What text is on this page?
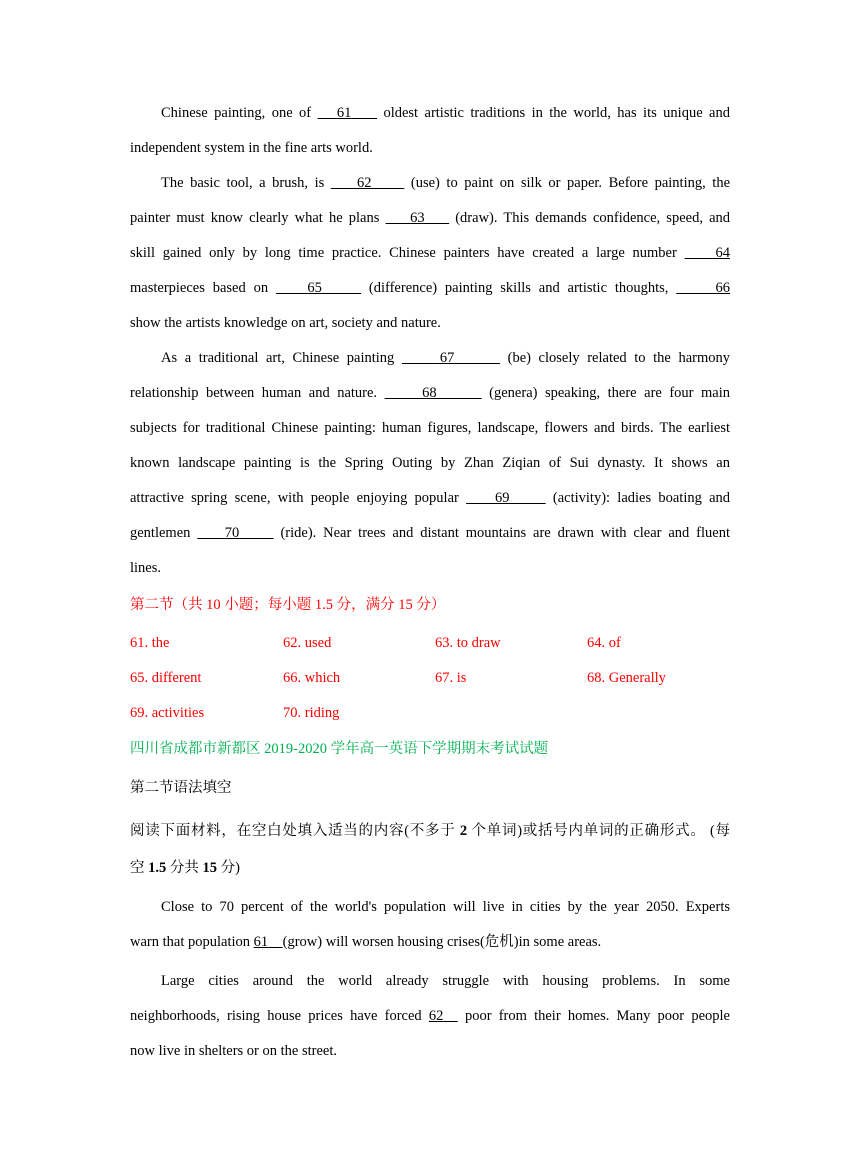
Chinese painting, one of    61     oldest artistic traditions in the world, has its unique and
independent system in the fine arts world.
The basic tool, a brush, is     62      (use) to paint on silk or paper. Before painting, the
painter must know clearly what he plans     63     (draw). This demands confidence, speed, and
skill gained only by long time practice. Chinese painters have created a large number     64
masterpieces based on     65	(difference) painting skills and artistic thoughts,	66
show the artists knowledge on art, society and nature.
As a traditional art, Chinese painting	67	(be) closely related to the harmony
relationship between human and nature.	68	(genera) speaking, there are four main
subjects for traditional Chinese painting: human figures, landscape, flowers and birds. The earliest
known landscape painting is the Spring Outing by Zhan Ziqian of Sui dynasty. It shows an
attractive spring scene, with people enjoying popular     69      (activity): ladies boating and
gentlemen     70      (ride). Near trees and distant mountains are drawn with clear and fluent
lines.
第二节（共 10 小题；每小题 1.5 分，满分 15 分）
61. the	62. used	63. to draw	64. of
65. different	66. which	67. is	68. Generally
69. activities	70. riding
四川省成都市新都区 2019-2020 学年高一英语下学期期末考试试题
第二节语法填空
阅读下面材料，在空白处填入适当的内容(不多于 2 个单词)或括号内单词的正确形式。 (每
空 1.5 分共 15 分)
Close to 70 percent of the world's population will live in cities by the year 2050. Experts
warn that population 61 (grow) will worsen housing crises(危机)in some areas.
Large cities around the world already struggle with housing problems. In some
neighborhoods, rising house prices have forced 62   poor from their homes. Many poor people
now live in shelters or on the street.
